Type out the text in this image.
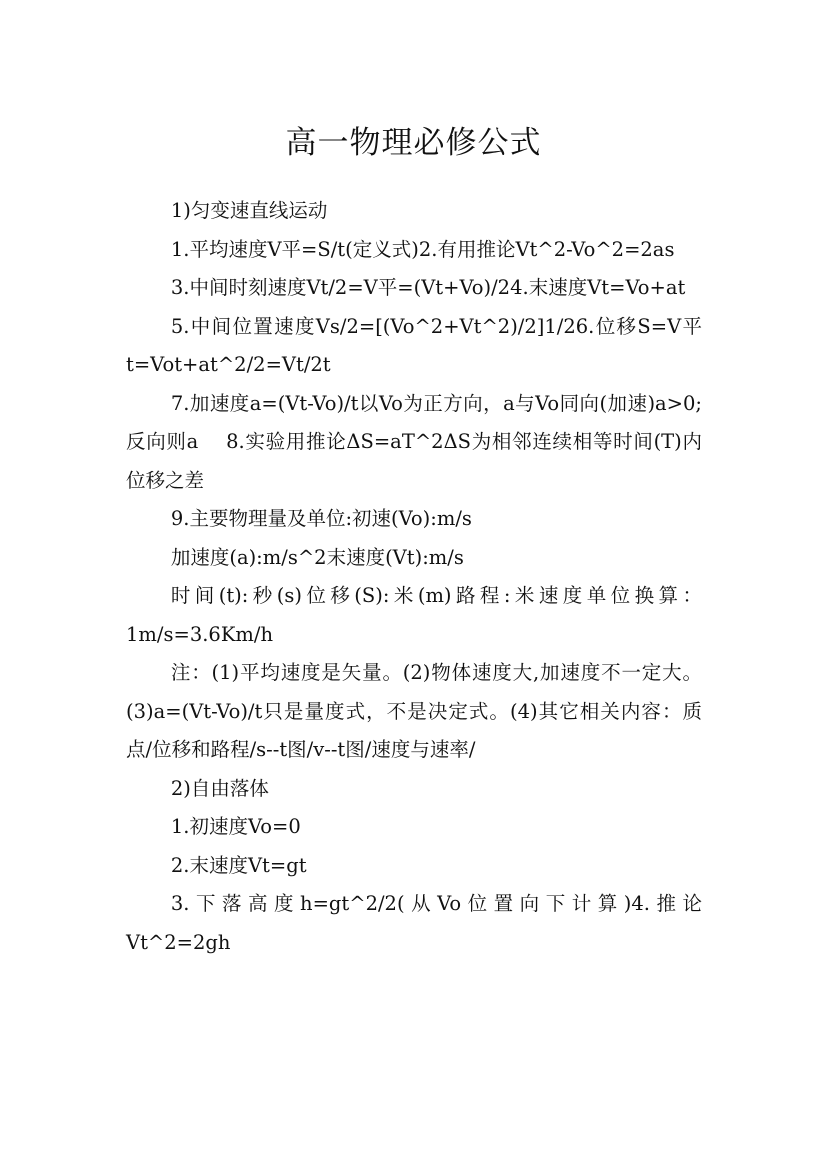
高一物理必修公式

1)匀变速直线运动

1.平均速度V平=S/t(定义式)2.有用推论Vt^2-Vo^2=2as

3.中间时刻速度Vt/2=V平=(Vt+Vo)/24.末速度Vt=Vo+at

5.中间位置速度Vs/2=[(Vo^2+Vt^2)/2]1/26.位移S=V平t=Vot+at^2/2=Vt/2t

7.加速度a=(Vt-Vo)/t以Vo为正方向，a与Vo同向(加速)a>0;反向则a　 8.实验用推论ΔS=aT^2ΔS为相邻连续相等时间(T)内位移之差

9.主要物理量及单位:初速(Vo):m/s

加速度(a):m/s^2末速度(Vt):m/s

时间(t):秒(s)位移(S):米(m)路程:米速度单位换算：1m/s=3.6Km/h

注：(1)平均速度是矢量。(2)物体速度大,加速度不一定大。(3)a=(Vt-Vo)/t只是量度式，不是决定式。(4)其它相关内容：质点/位移和路程/s--t图/v--t图/速度与速率/

2)自由落体

1.初速度Vo=0

2.末速度Vt=gt

3.下落高度h=gt^2/2(从Vo位置向下计算)4.推论Vt^2=2gh
